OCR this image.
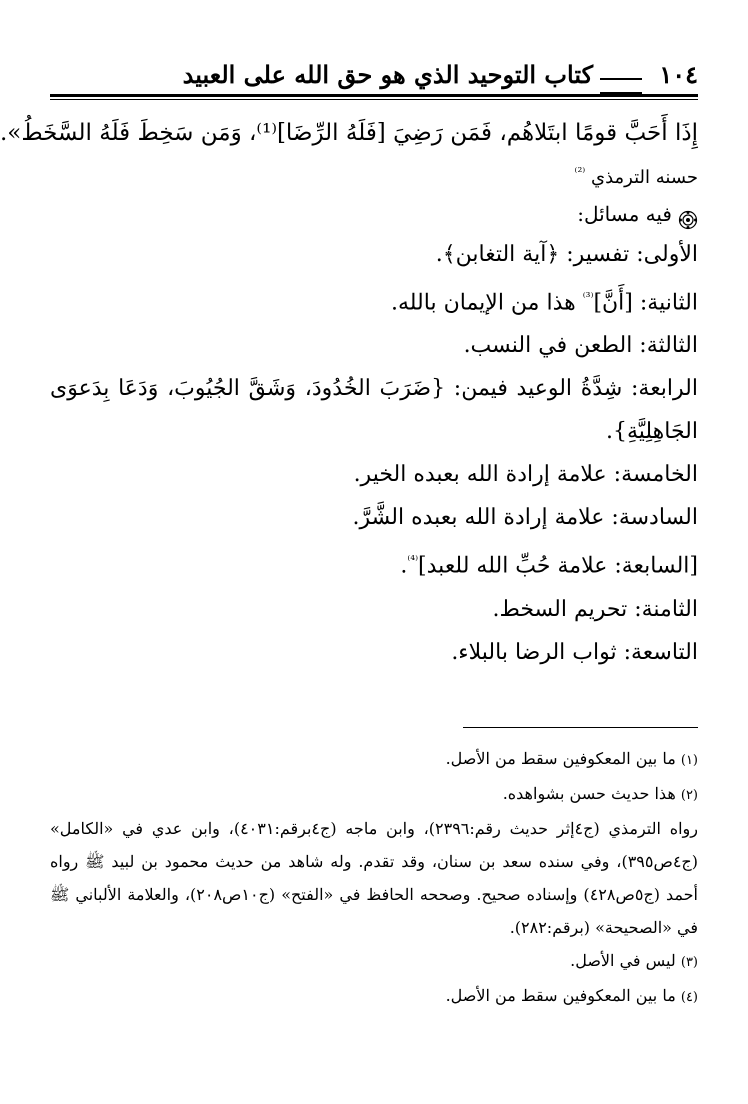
١٠٤
كتاب التوحيد الذي هو حق الله على العبيد

إِذَا أَحَبَّ قومًا ابتَلاهُم، فَمَن رَضِيَ [فَلَهُ الرِّضَا]⁽¹⁾، وَمَن سَخِطَ فَلَهُ السَّخَطُ».

حسنه الترمذي $^{^{(2)}}$

فيه مسائل:

الأولى: تفسير: ﴿آية التغابن﴾.

الثانية: [أَنَّ]$^{^{(3)}}$ هذا من الإيمان بالله.

الثالثة: الطعن في النسب.

الرابعة: شِدَّةُ الوعيد فيمن: {ضَرَبَ الخُدُودَ، وَشَقَّ الجُيُوبَ، وَدَعَا بِدَعوَى الجَاهِلِيَّةِ}.

الخامسة: علامة إرادة الله بعبده الخير.

السادسة: علامة إرادة الله بعبده الشَّرَّ.

[السابعة: علامة حُبِّ الله للعبد]$^{^{(4)}}$.

الثامنة: تحريم السخط.

التاسعة: ثواب الرضا بالبلاء.

(١) ما بين المعكوفين سقط من الأصل.

(٢) هذا حديث حسن بشواهده.

رواه الترمذي (ج٤إثر حديث رقم:٢٣٩٦)، وابن ماجه (ج٤برقم:٤٠٣١)، وابن عدي في «الكامل» (ج٤ص٣٩٥)، وفي سنده سعد بن سنان، وقد تقدم. وله شاهد من حديث محمود بن لبيد ﷺ رواه أحمد (ج٥ص٤٢٨) وإسناده صحيح. وصححه الحافظ في «الفتح» (ج١٠ص٢٠٨)، والعلامة الألباني ﷺ في «الصحيحة» (برقم:٢٨٢).

(٣) ليس في الأصل.

(٤) ما بين المعكوفين سقط من الأصل.
